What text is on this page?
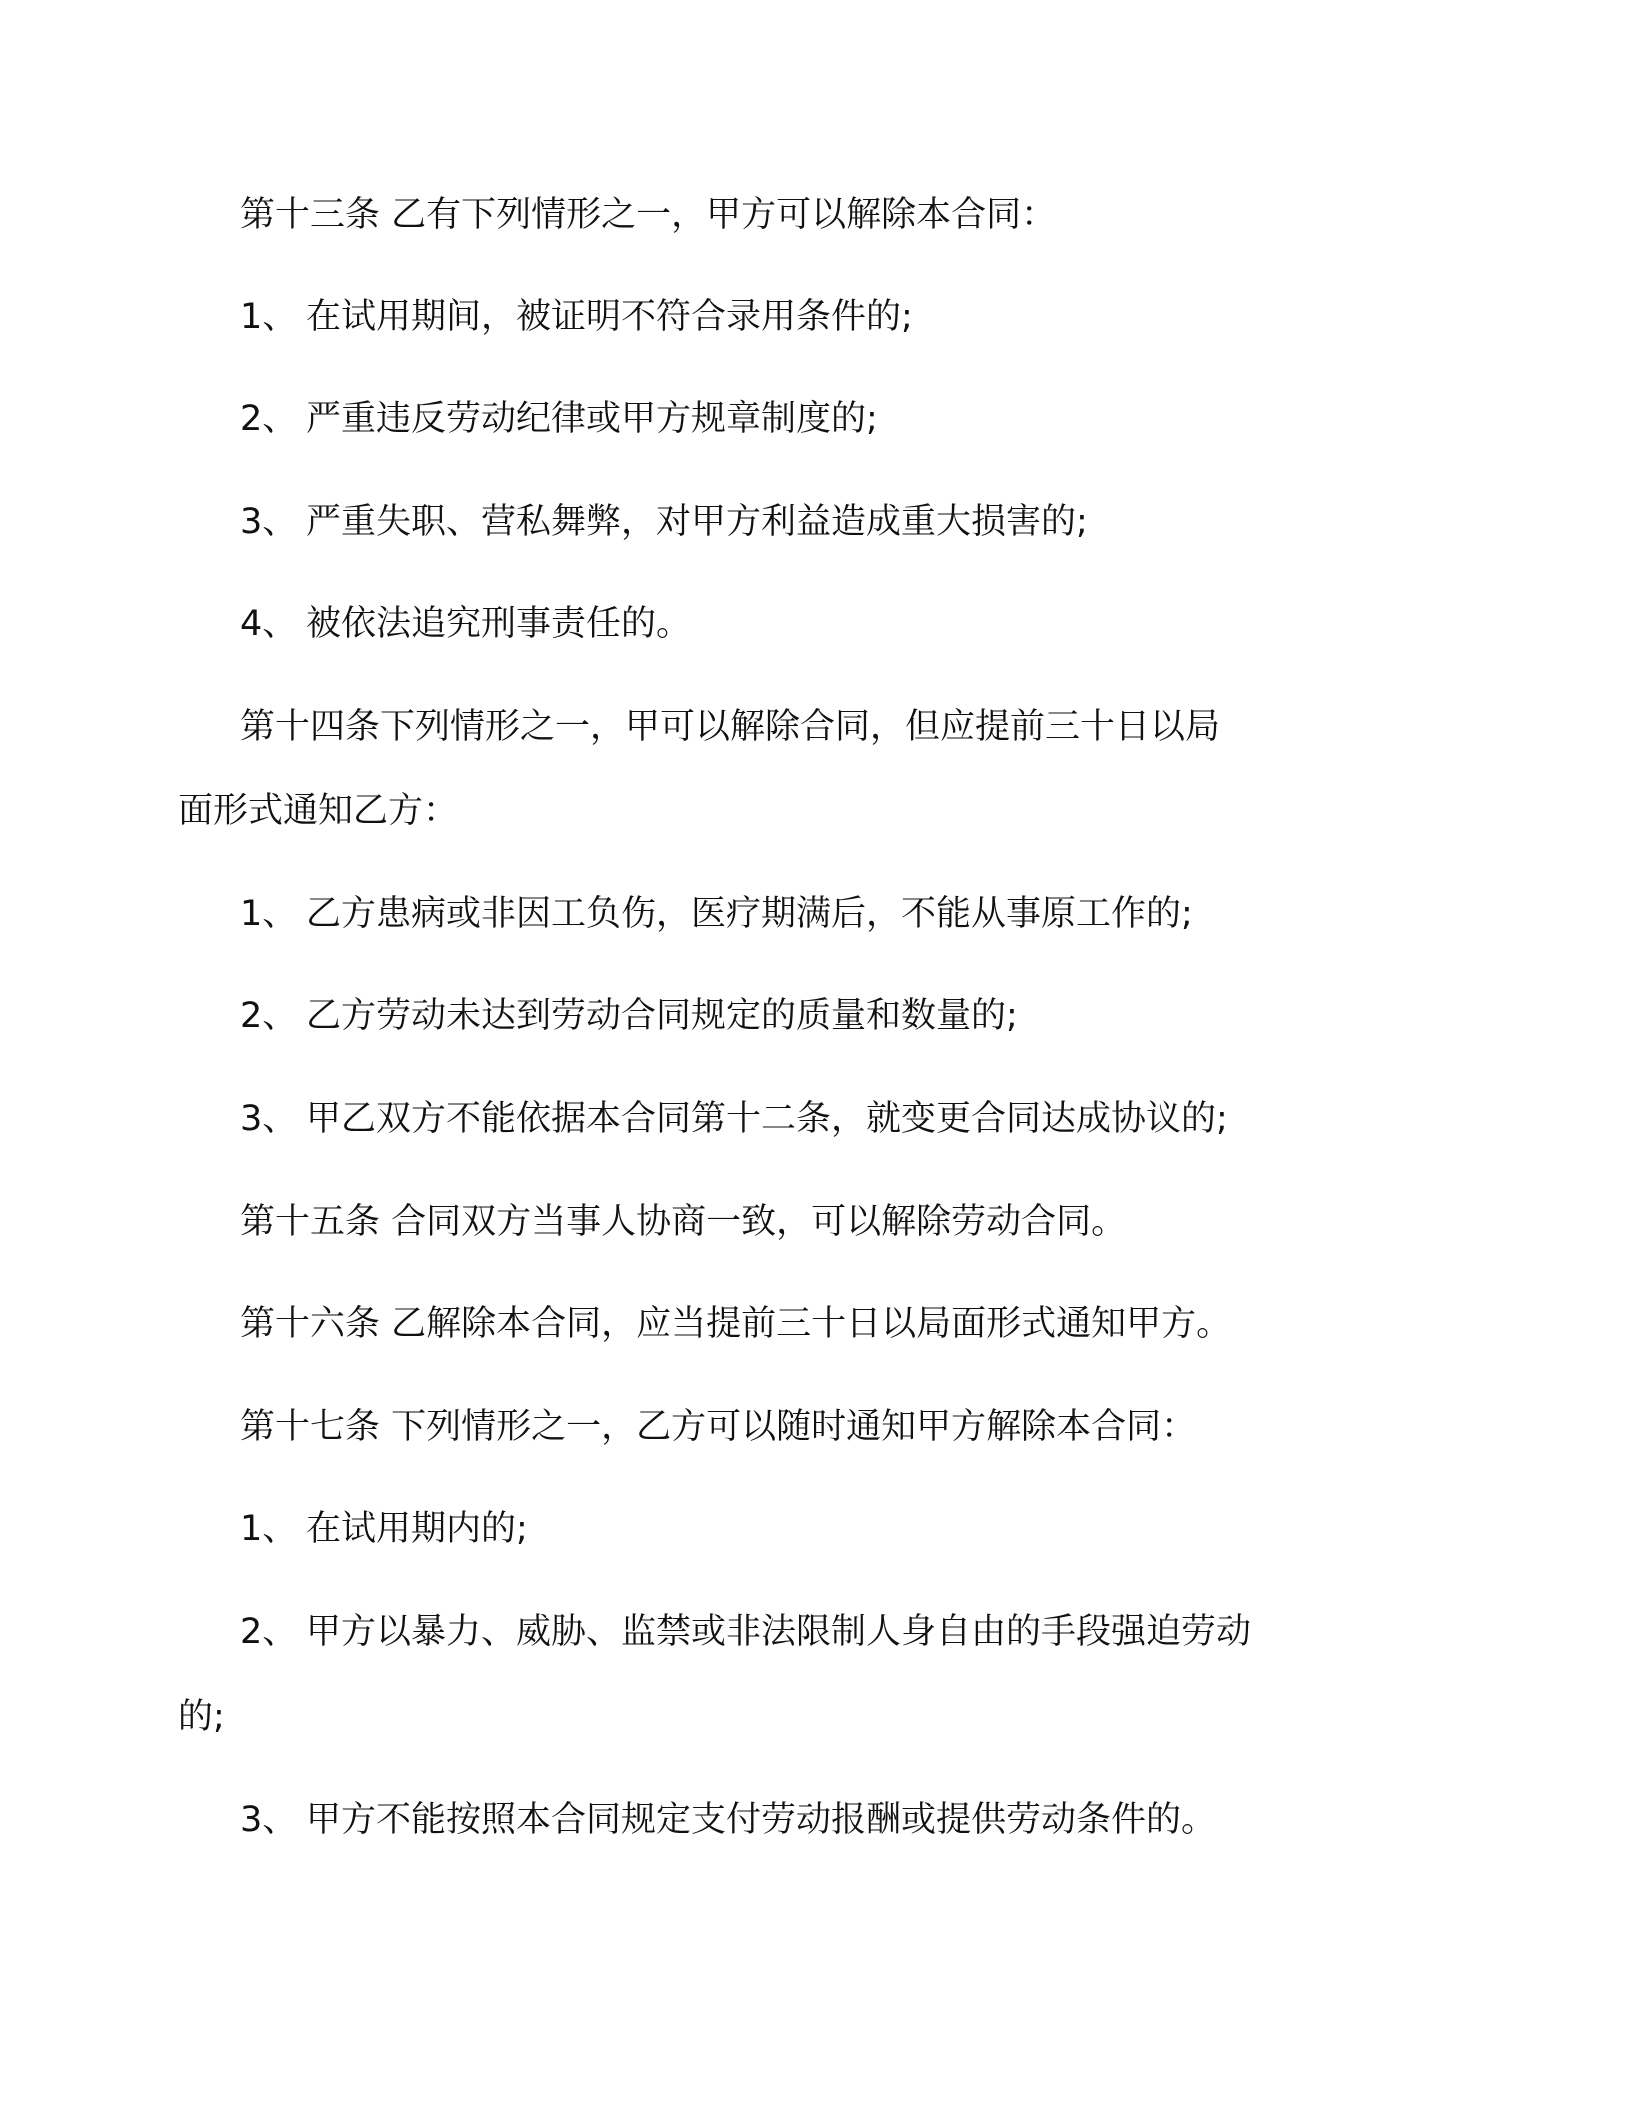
第十三条 乙有下列情形之一，甲方可以解除本合同：
1、 在试用期间，被证明不符合录用条件的;
2、 严重违反劳动纪律或甲方规章制度的;
3、 严重失职、营私舞弊，对甲方利益造成重大损害的;
4、 被依法追究刑事责任的。
第十四条下列情形之一，甲可以解除合同，但应提前三十日以局
面形式通知乙方：
1、 乙方患病或非因工负伤，医疗期满后，不能从事原工作的;
2、 乙方劳动未达到劳动合同规定的质量和数量的;
3、 甲乙双方不能依据本合同第十二条，就变更合同达成协议的;
第十五条 合同双方当事人协商一致，可以解除劳动合同。
第十六条 乙解除本合同，应当提前三十日以局面形式通知甲方。
第十七条 下列情形之一，乙方可以随时通知甲方解除本合同：
1、 在试用期内的;
2、 甲方以暴力、威胁、监禁或非法限制人身自由的手段强迫劳动
的;
3、 甲方不能按照本合同规定支付劳动报酬或提供劳动条件的。
